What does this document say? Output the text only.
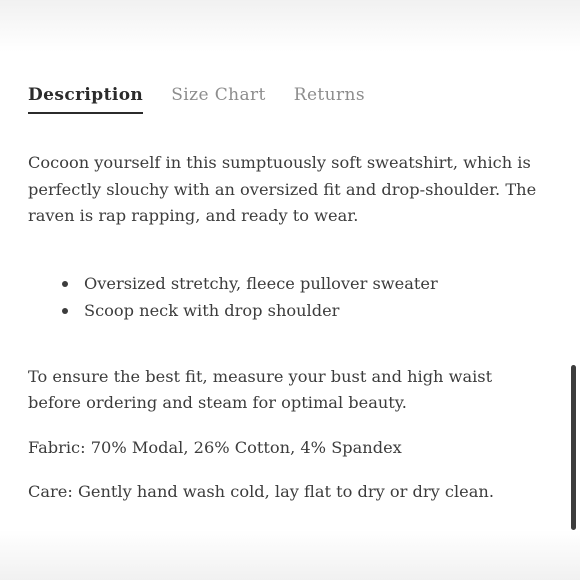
Description Size Chart Returns

Cocoon yourself in this sumptuously soft sweatshirt, which is perfectly slouchy with an oversized fit and drop-shoulder. The raven is rap rapping, and ready to wear.

Oversized stretchy, fleece pullover sweater
Scoop neck with drop shoulder

To ensure the best fit, measure your bust and high waist before ordering and steam for optimal beauty.

Fabric: 70% Modal, 26% Cotton, 4% Spandex

Care: Gently hand wash cold, lay flat to dry or dry clean.
